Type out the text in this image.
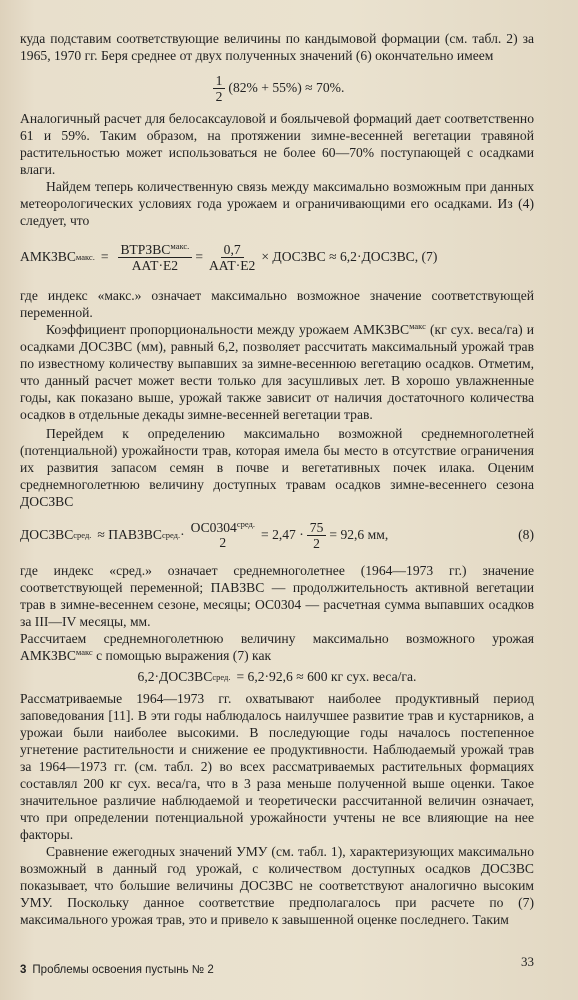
куда подставим соответствующие величины по кандымовой формации (см. табл. 2) за 1965, 1970 гг. Беря среднее от двух полученных значений (6) окончательно имеем

$\frac{1}{2} (82\% + 55\%) \approx 70\%$.

Аналогичный расчет для белосаксауловой и боялычевой формаций дает соответственно 61 и 59%. Таким образом, на протяжении зимне-весенней вегетации травяной растительностью может использоваться не более 60—70% поступающей с осадками влаги.

Найдем теперь количественную связь между максимально возможным при данных метеорологических условиях года урожаем и ограничивающими его осадками. Из (4) следует, что

АМКЗВС макс. = $\frac{ВТРЗВС^{макс.}}{\text{ААТ·Е2}} = \frac{0,7}{\text{ААТ·Е2}}$ × ДОСЗВС ≈ 6,2·ДОСЗВС, (7)

где индекс «макс.» означает максимально возможное значение соответствующей переменной.

Коэффициент пропорциональности между урожаем $АМКЗВС^{макс}$ (кг сух. веса/га) и осадками ДОСЗВС (мм), равный 6,2, позволяет рассчитать максимальный урожай трав по известному количеству выпавших за зимне-весеннюю вегетацию осадков. Отметим, что данный расчет может вести только для засушливых лет. В хорошо увлажненные годы, как показано выше, урожай также зависит от наличия достаточного количества осадков в отдельные декады зимне-весенней вегетации трав.

Перейдем к определению максимально возможной среднемноголетней (потенциальной) урожайности трав, которая имела бы место в отсутствие ограничения их развития запасом семян в почве и вегетативных почек илака. Оценим среднемноголетнюю величину доступных травам осадков зимне-весеннего сезона ДОСЗВС

ДОСЗВС сред. ≈ ПАВЗВС сред. · $ОС0304^{сред.}$
2
= $2,47 \cdot \frac{75}{2} = 92,6$ мм,	(8)

где индекс «сред.» означает среднемноголетнее (1964—1973 гг.) значение соответствующей переменной; ПАВЗВС — продолжительность активной вегетации трав в зимне-весеннем сезоне, месяцы; ОС0304 — расчетная сумма выпавших осадков за III—IV месяцы, мм.

Рассчитаем среднемноголетнюю величину максимально возможного урожая $АМКЗВС^{макс}$ с помощью выражения (7) как

6,2·ДОСЗВС сред. = 6,2·92,6 ≈ 600 кг сух. веса/га.

Рассматриваемые 1964—1973 гг. охватывают наиболее продуктивный период заповедования [11]. В эти годы наблюдалось наилучшее развитие трав и кустарников, а урожаи были наиболее высокими. В последующие годы началось постепенное угнетение растительности и снижение ее продуктивности. Наблюдаемый урожай трав за 1964—1973 гг. (см. табл. 2) во всех рассматриваемых растительных формациях составлял 200 кг сух. веса/га, что в 3 раза меньше полученной выше оценки. Такое значительное различие наблюдаемой и теоретически рассчитанной величин означает, что при определении потенциальной урожайности учтены не все влияющие на нее факторы.

Сравнение ежегодных значений УМУ (см. табл. 1), характеризующих максимально возможный в данный год урожай, с количеством доступных осадков ДОСЗВС показывает, что большие величины ДОСЗВС не соответствуют аналогично высоким УМУ. Поскольку данное соответствие предполагалось при расчете по (7) максимального урожая трав, это и привело к завышенной оценке последнего. Таким

3 Проблемы освоения пустынь № 2
33
